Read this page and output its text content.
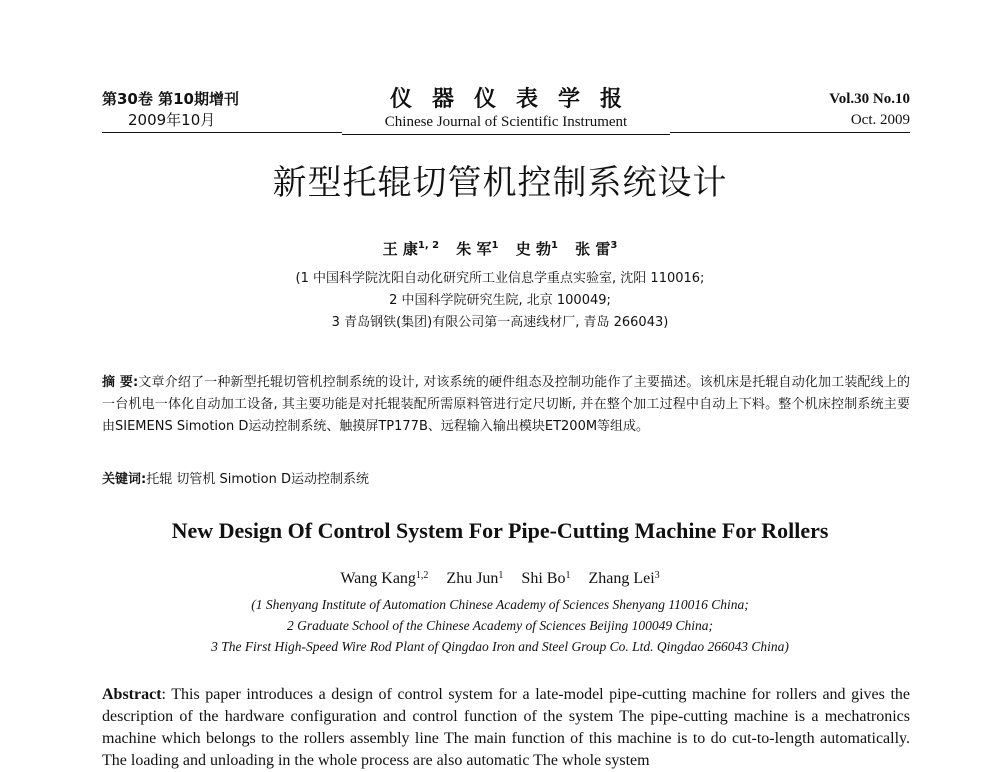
第30卷 第10期增刊
2009年10月
仪器仪表学报
Chinese Journal of Scientific Instrument
Vol.30 No.10
Oct. 2009
新型托辊切管机控制系统设计
王 康$^{1, 2}$ 朱 军$^1$ 史 勃$^1$ 张 雷$^3$
(1 中国科学院沈阳自动化研究所工业信息学重点实验室, 沈阳 110016;
2 中国科学院研究生院, 北京 100049;
3 青岛钢铁(集团)有限公司第一高速线材厂, 青岛 266043)
摘 要:文章介绍了一种新型托辊切管机控制系统的设计, 对该系统的硬件组态及控制功能作了主要描述。该机床是托辊自动化加工装配线上的一台机电一体化自动加工设备, 其主要功能是对托辊装配所需原料管进行定尺切断, 并在整个加工过程中自动上下料。整个机床控制系统主要由SIEMENS Simotion D运动控制系统、触摸屏TP177B、远程输入输出模块ET200M等组成。
关键词:托辊 切管机 Simotion D运动控制系统
New Design Of Control System For Pipe-Cutting Machine For Rollers
Wang Kang$^{1,2}$ Zhu Jun$^1$ Shi Bo$^1$ Zhang Lei$^3$
(1 Shenyang Institute of Automation Chinese Academy of Sciences Shenyang 110016 China;
2 Graduate School of the Chinese Academy of Sciences Beijing 100049 China;
3 The First High-Speed Wire Rod Plant of Qingdao Iron and Steel Group Co. Ltd. Qingdao 266043 China)
Abstract: This paper introduces a design of control system for a late-model pipe-cutting machine for rollers and gives the description of the hardware configuration and control function of the system The pipe-cutting machine is a mechatronics machine which belongs to the rollers assembly line The main function of this machine is to do cut-to-length automatically. The loading and unloading in the whole process are also automatic The whole system
